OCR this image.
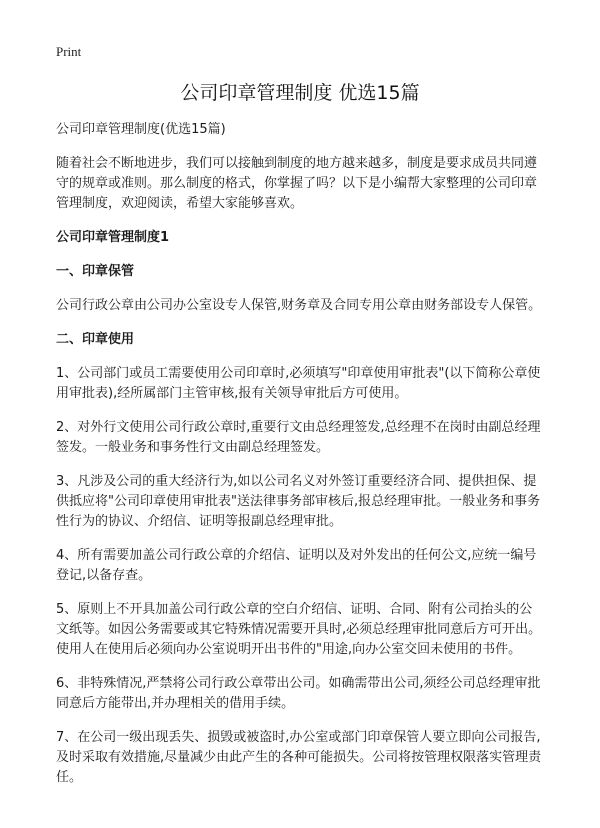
Print
公司印章管理制度 优选15篇

公司印章管理制度(优选15篇)

随着社会不断地进步，我们可以接触到制度的地方越来越多，制度是要求成员共同遵守的规章或准则。那么制度的格式，你掌握了吗？以下是小编帮大家整理的公司印章管理制度，欢迎阅读，希望大家能够喜欢。

公司印章管理制度1
一、印章保管

公司行政公章由公司办公室设专人保管,财务章及合同专用公章由财务部设专人保管。

二、印章使用

1、公司部门或员工需要使用公司印章时,必须填写"印章使用审批表"(以下简称公章使用审批表),经所属部门主管审核,报有关领导审批后方可使用。

2、对外行文使用公司行政公章时,重要行文由总经理签发,总经理不在岗时由副总经理签发。一般业务和事务性行文由副总经理签发。

3、凡涉及公司的重大经济行为,如以公司名义对外签订重要经济合同、提供担保、提供抵应将"公司印章使用审批表"送法律事务部审核后,报总经理审批。一般业务和事务性行为的协议、介绍信、证明等报副总经理审批。

4、所有需要加盖公司行政公章的介绍信、证明以及对外发出的任何公文,应统一编号登记,以备存查。

5、原则上不开具加盖公司行政公章的空白介绍信、证明、合同、附有公司抬头的公文纸等。如因公务需要或其它特殊情况需要开具时,必须总经理审批同意后方可开出。使用人在使用后必须向办公室说明开出书件的"用途,向办公室交回未使用的书件。

6、非特殊情况,严禁将公司行政公章带出公司。如确需带出公司,须经公司总经理审批同意后方能带出,并办理相关的借用手续。

7、在公司一级出现丢失、损毁或被盗时,办公室或部门印章保管人要立即向公司报告,及时采取有效措施,尽量减少由此产生的各种可能损失。公司将按管理权限落实管理责任。
